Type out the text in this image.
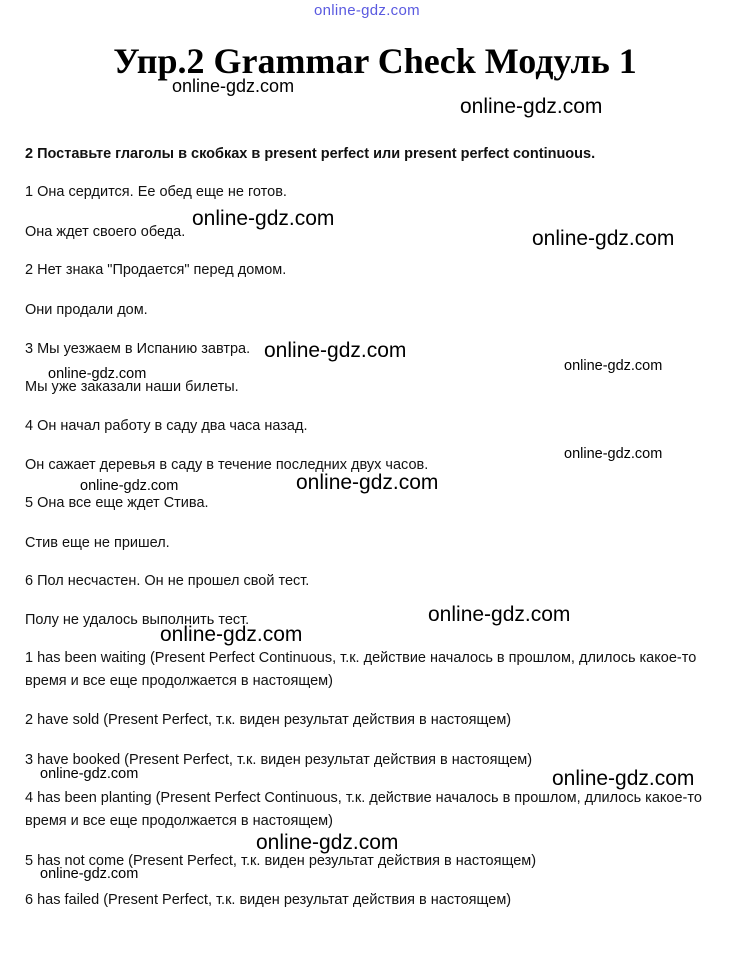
online-gdz.com
Упр.2 Grammar Check Модуль 1
2 Поставьте глаголы в скобках в present perfect или present perfect continuous.
1 Она сердится. Ее обед еще не готов.
Она ждет своего обеда.
2 Нет знака "Продается" перед домом.
Они продали дом.
3 Мы уезжаем в Испанию завтра.
Мы уже заказали наши билеты.
4 Он начал работу в саду два часа назад.
Он сажает деревья в саду в течение последних двух часов.
5 Она все еще ждет Стива.
Стив еще не пришел.
6 Пол несчастен. Он не прошел свой тест.
Полу не удалось выполнить тест.
1 has been waiting (Present Perfect Continuous, т.к. действие началось в прошлом, длилось какое-то время и все еще продолжается в настоящем)
2 have sold (Present Perfect, т.к. виден результат действия в настоящем)
3 have booked (Present Perfect, т.к. виден результат действия в настоящем)
4 has been planting (Present Perfect Continuous, т.к. действие началось в прошлом, длилось какое-то время и все еще продолжается в настоящем)
5 has not come (Present Perfect, т.к. виден результат действия в настоящем)
6 has failed (Present Perfect, т.к. виден результат действия в настоящем)
online-gdz.com
online-gdz.com
online-gdz.com
online-gdz.com
online-gdz.com
online-gdz.com
online-gdz.com
online-gdz.com
online-gdz.com
online-gdz.com
online-gdz.com
online-gdz.com
online-gdz.com	online-gdz.com
online-gdz.com
online-gdz.com
